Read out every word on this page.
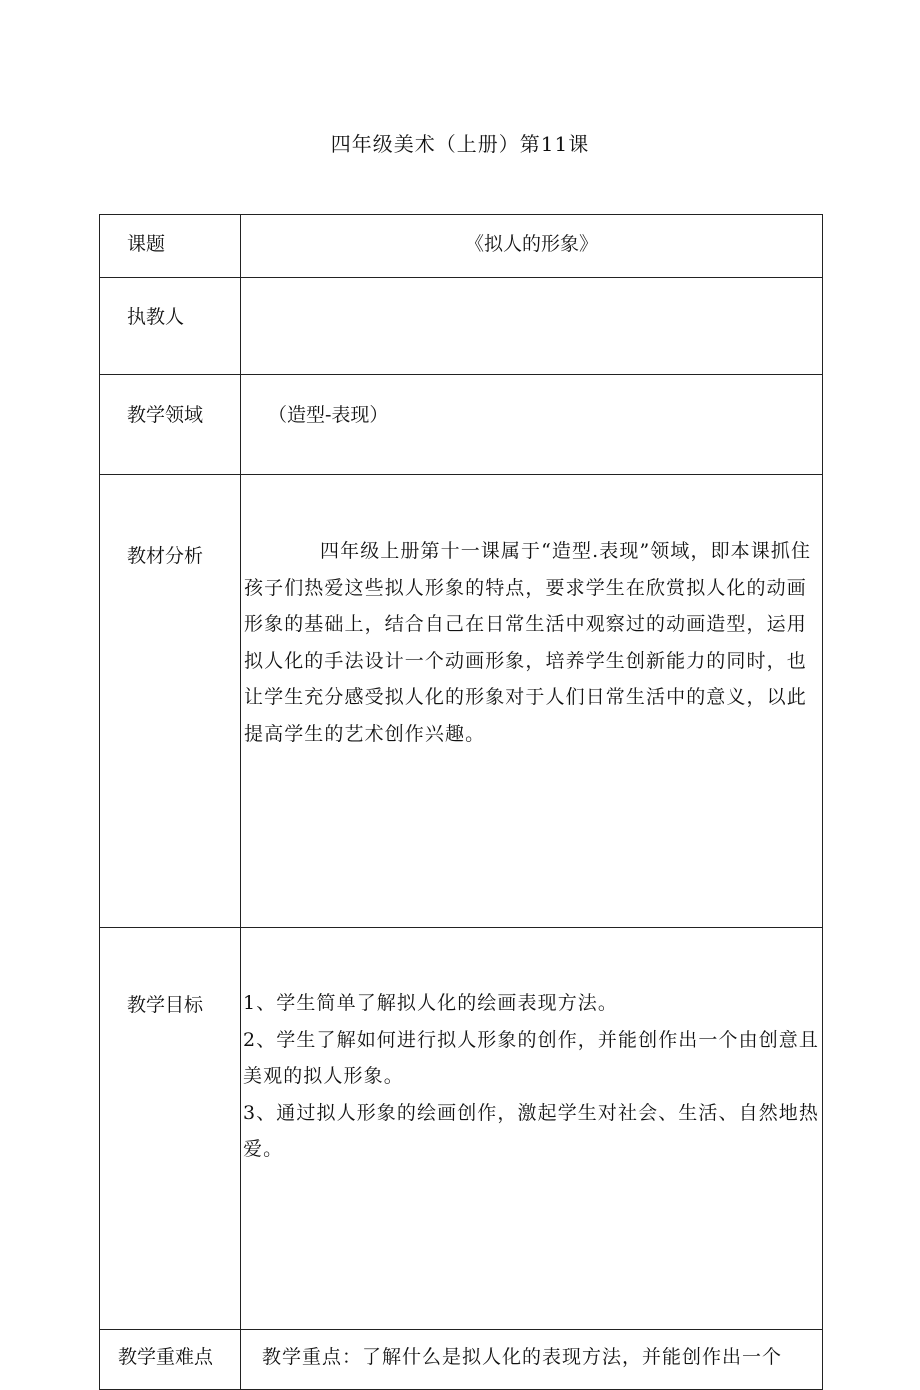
四年级美术（上册）第11课
课题	《拟人的形象》
执教人	
教学领域	（造型-表现）
教材分析	四年级上册第十一课属于“造型.表现”领域，即本课抓住孩子们热爱这些拟人形象的特点，要求学生在欣赏拟人化的动画形象的基础上，结合自己在日常生活中观察过的动画造型，运用拟人化的手法设计一个动画形象，培养学生创新能力的同时，也让学生充分感受拟人化的形象对于人们日常生活中的意义，以此提高学生的艺术创作兴趣。
教学目标	1、学生简单了解拟人化的绘画表现方法。

2、学生了解如何进行拟人形象的创作，并能创作出一个由创意且美观的拟人形象。

3、通过拟人形象的绘画创作，激起学生对社会、生活、自然地热爱。

教学重难点	教学重点：了解什么是拟人化的表现方法，并能创作出一个
